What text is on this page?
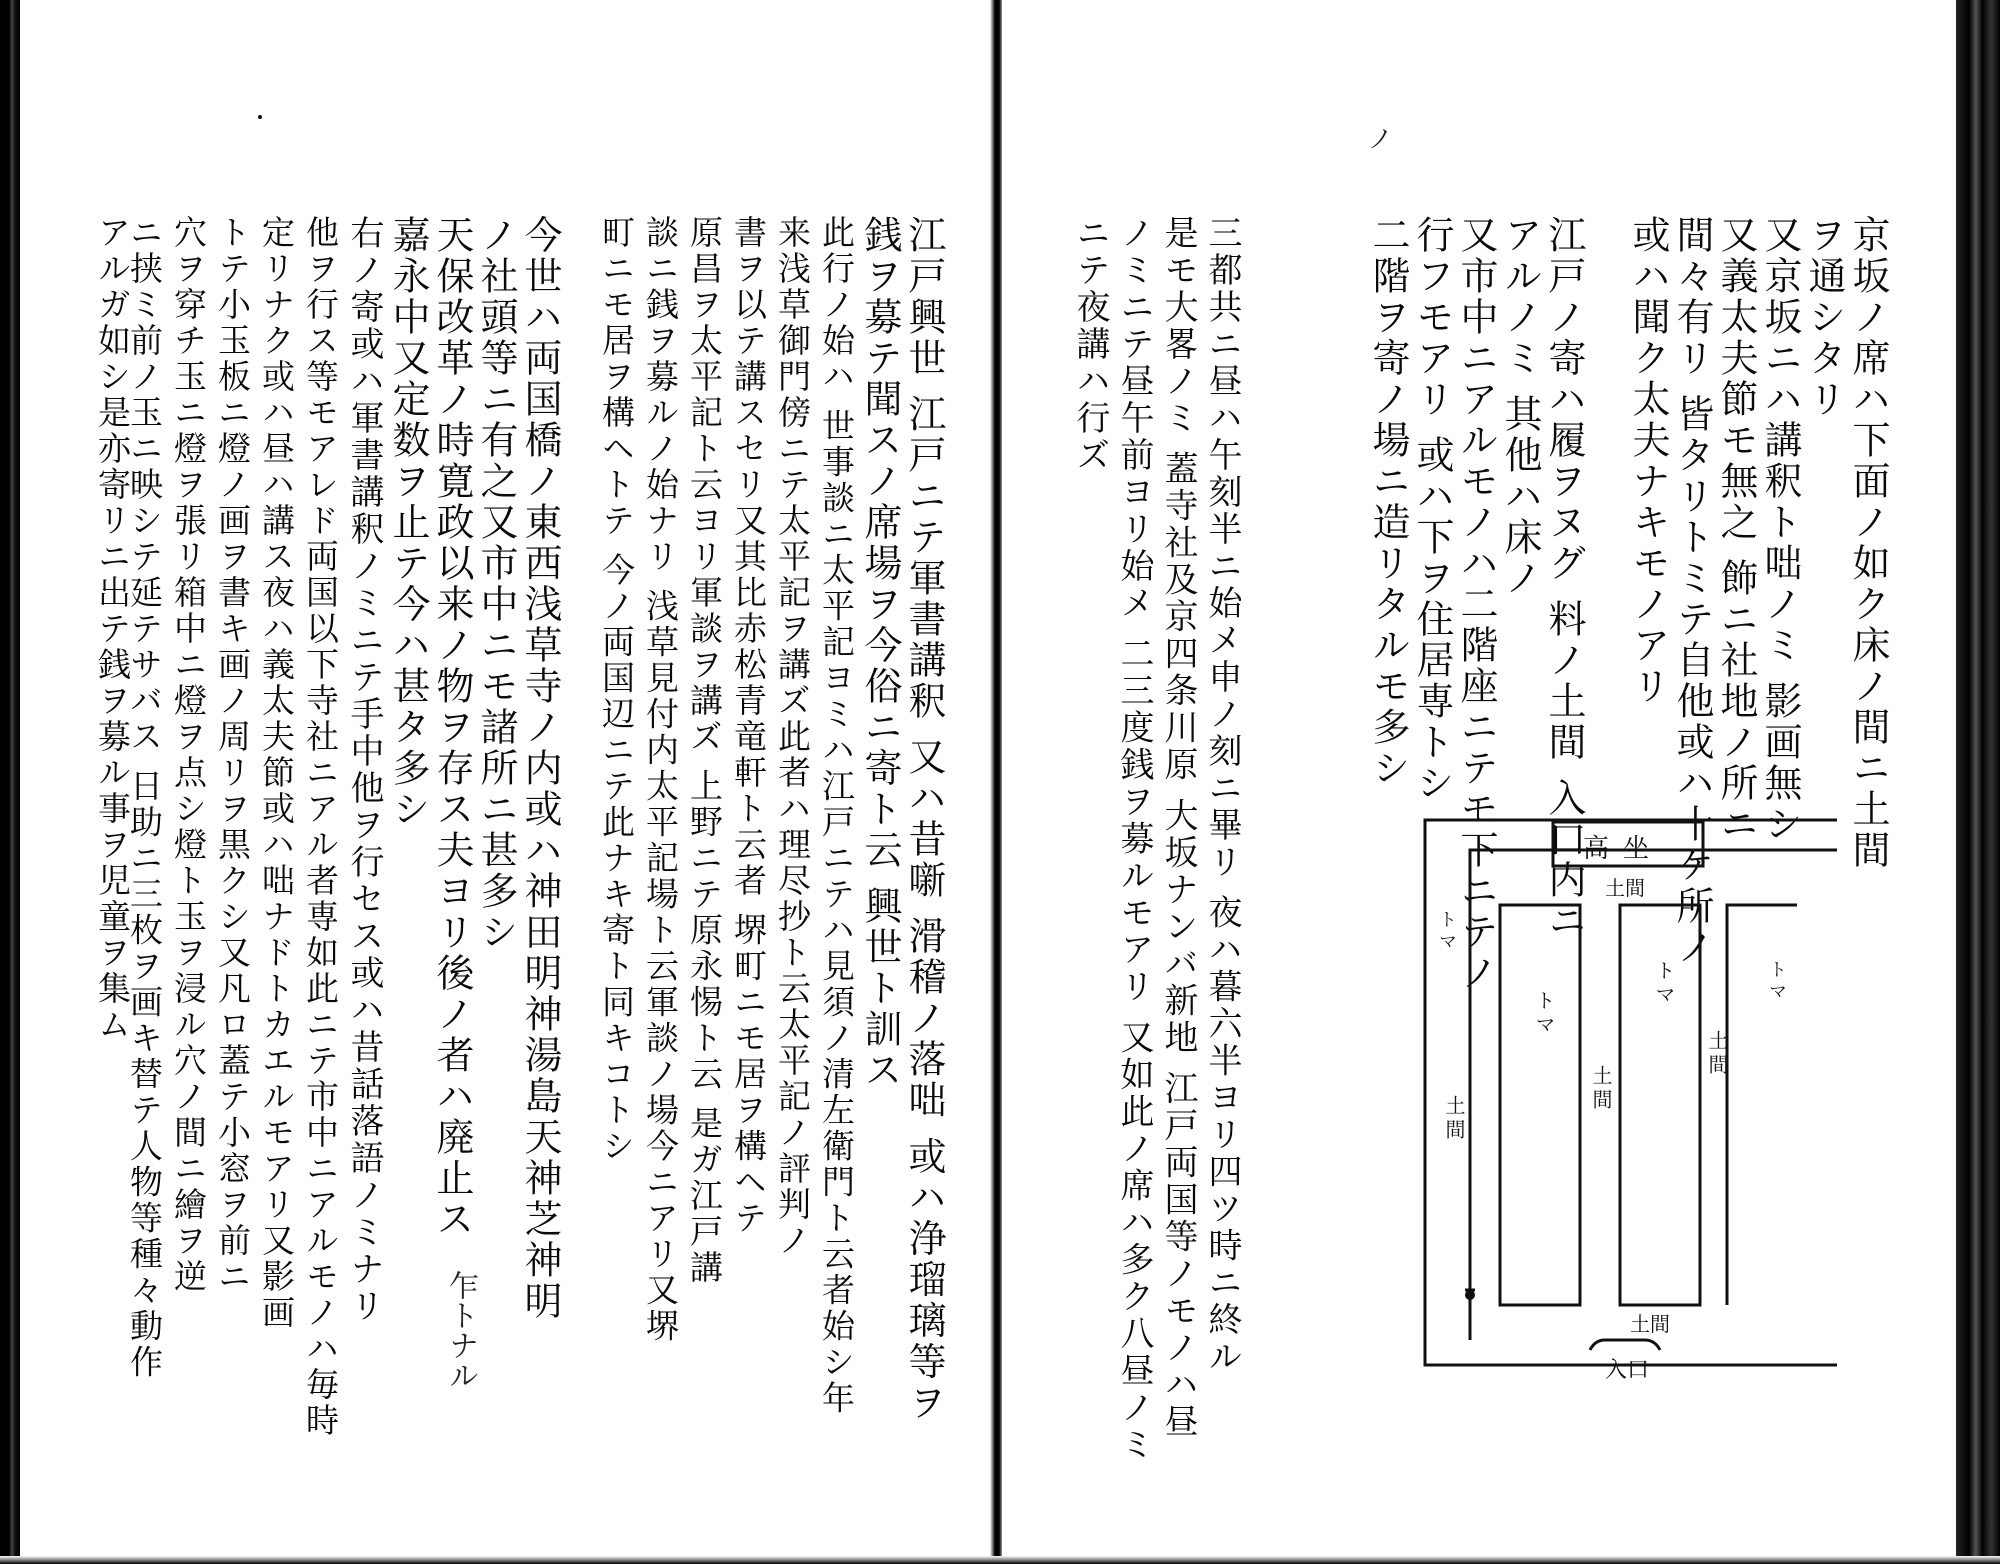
今世ハ両国橋ノ東西浅草寺ノ内或ハ神田明神湯島天神芝神明
ノ社頭等ニ有之又市中ニモ諸所ニ甚多シ
天保改革ノ時寛政以来ノ物ヲ存ス夫ヨリ後ノ者ハ廃止ス
嘉永中又定数ヲ止テ今ハ甚タ多シ
右ノ寄或ハ軍書講釈ノミニテ手中他ヲ行セス或ハ昔話落語ノミナリ
他ヲ行ス等モアレド両国以下寺社ニアル者専如此ニテ市中ニアルモノハ毎時
定リナク或ハ昼ハ講ス夜ハ義太夫節或ハ咄ナドトカエルモアリ又影画
トテ小玉板ニ燈ノ画ヲ書キ画ノ周リヲ黒クシ又凡ロ蓋テ小窓ヲ前ニ
穴ヲ穿チ玉ニ燈ヲ張リ箱中ニ燈ヲ点シ燈ト玉ヲ浸ル穴ノ間ニ繪ヲ逆
ニ挟ミ前ノ玉ニ映シテ延テサバス 日助ニ三枚ヲ画キ替テ人物等種々動作
アルガ如シ是亦寄リニ出テ銭ヲ募ル事ヲ児童ヲ集ム	江戸興世 江戸ニテ軍書講釈 又ハ昔噺 滑稽ノ落咄 或ハ浄瑠璃等ヲ
銭ヲ募テ聞スノ席場ヲ今俗ニ寄ト云 興世ト訓ス
此行ノ始ハ 世事談ニ太平記ヨミハ江戸ニテハ見須ノ清左衛門ト云者始シ年
来浅草御門傍ニテ太平記ヲ講ズ此者ハ理尽抄ト云太平記ノ評判ノ
書ヲ以テ講スセリ又其比赤松青竜軒ト云者 堺町ニモ居ヲ構ヘテ
原昌ヲ太平記ト云ヨリ軍談ヲ講ズ 上野ニテ原永惕ト云 是ガ江戸講
談ニ銭ヲ募ルノ始ナリ 浅草見付内太平記場ト云軍談ノ場今ニアリ又堺
町ニモ居ヲ構ヘトテ 今ノ両国辺ニテ此ナキ寄ト同キコトシ
乍トナル
ノ
京坂ノ席ハ下面ノ如ク床ノ間ニ土間
ヲ通シタリ
又京坂ニハ講釈ト咄ノミ 影画無シ
又義太夫節モ無之 飾ニ社地ノ所ニ
間々有リ 皆タリトミテ自他或ハ十ケ所ノ
或ハ聞ク太夫ナキモノアリ
江戸ノ寄ハ履ヲヌグ 料ノ土間 入口内ニ
アルノミ 其他ハ床ノ
又市中ニアルモノハ二階座ニテモ下ニテノ
行フモアリ 或ハ下ヲ住居専トシ
二階ヲ寄ノ場ニ造リタルモ多シ
三都共ニ昼ハ午刻半ニ始メ申ノ刻ニ畢リ 夜ハ暮六半ヨリ四ツ時ニ終ル
是モ大畧ノミ 蓋寺社及京四条川原 大坂ナンバ新地 江戸両国等ノモノハ昼
ノミニテ昼午前ヨリ始メ 二三度銭ヲ募ルモアリ 又如此ノ席ハ多ク八昼ノミ
ニテ夜講ハ行ズ
高坐
土間
土間
土間
土間
土間
トマ
トマ
トマ	トマ
入口
